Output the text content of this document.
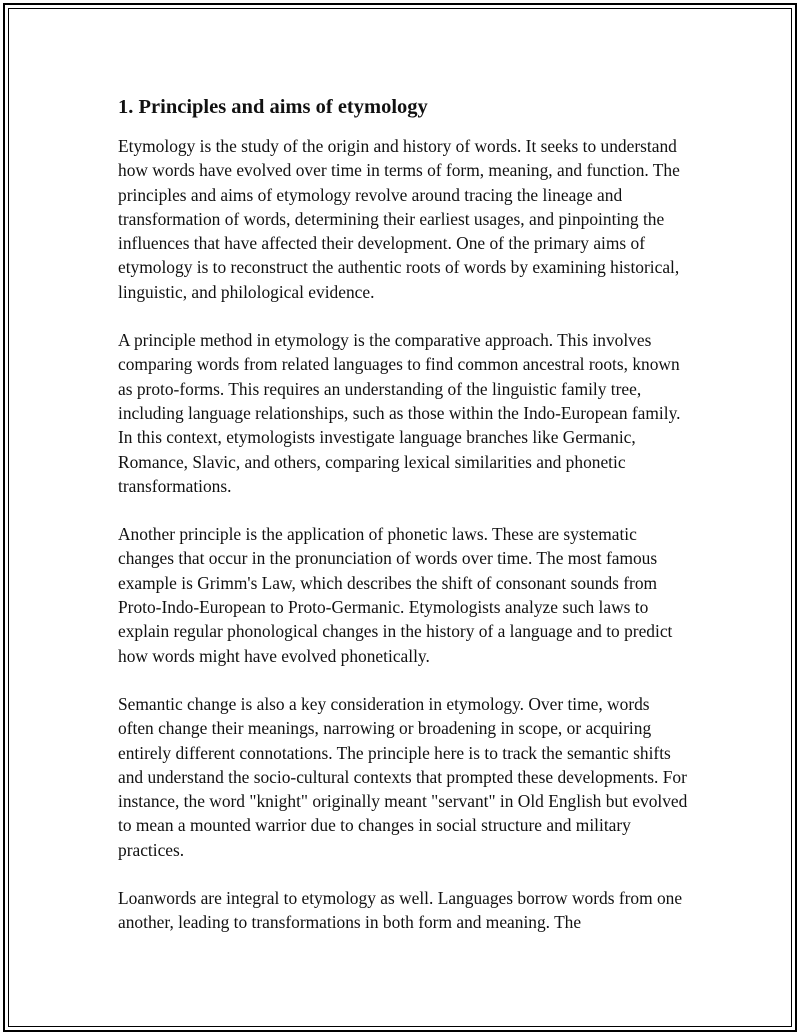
1. Principles and aims of etymology

Etymology is the study of the origin and history of words. It seeks to understand how words have evolved over time in terms of form, meaning, and function. The principles and aims of etymology revolve around tracing the lineage and transformation of words, determining their earliest usages, and pinpointing the influences that have affected their development. One of the primary aims of etymology is to reconstruct the authentic roots of words by examining historical, linguistic, and philological evidence.

A principle method in etymology is the comparative approach. This involves comparing words from related languages to find common ancestral roots, known as proto-forms. This requires an understanding of the linguistic family tree, including language relationships, such as those within the Indo-European family. In this context, etymologists investigate language branches like Germanic, Romance, Slavic, and others, comparing lexical similarities and phonetic transformations.

Another principle is the application of phonetic laws. These are systematic changes that occur in the pronunciation of words over time. The most famous example is Grimm's Law, which describes the shift of consonant sounds from Proto-Indo-European to Proto-Germanic. Etymologists analyze such laws to explain regular phonological changes in the history of a language and to predict how words might have evolved phonetically.

Semantic change is also a key consideration in etymology. Over time, words often change their meanings, narrowing or broadening in scope, or acquiring entirely different connotations. The principle here is to track the semantic shifts and understand the socio-cultural contexts that prompted these developments. For instance, the word "knight" originally meant "servant" in Old English but evolved to mean a mounted warrior due to changes in social structure and military practices.

Loanwords are integral to etymology as well. Languages borrow words from one another, leading to transformations in both form and meaning. The
